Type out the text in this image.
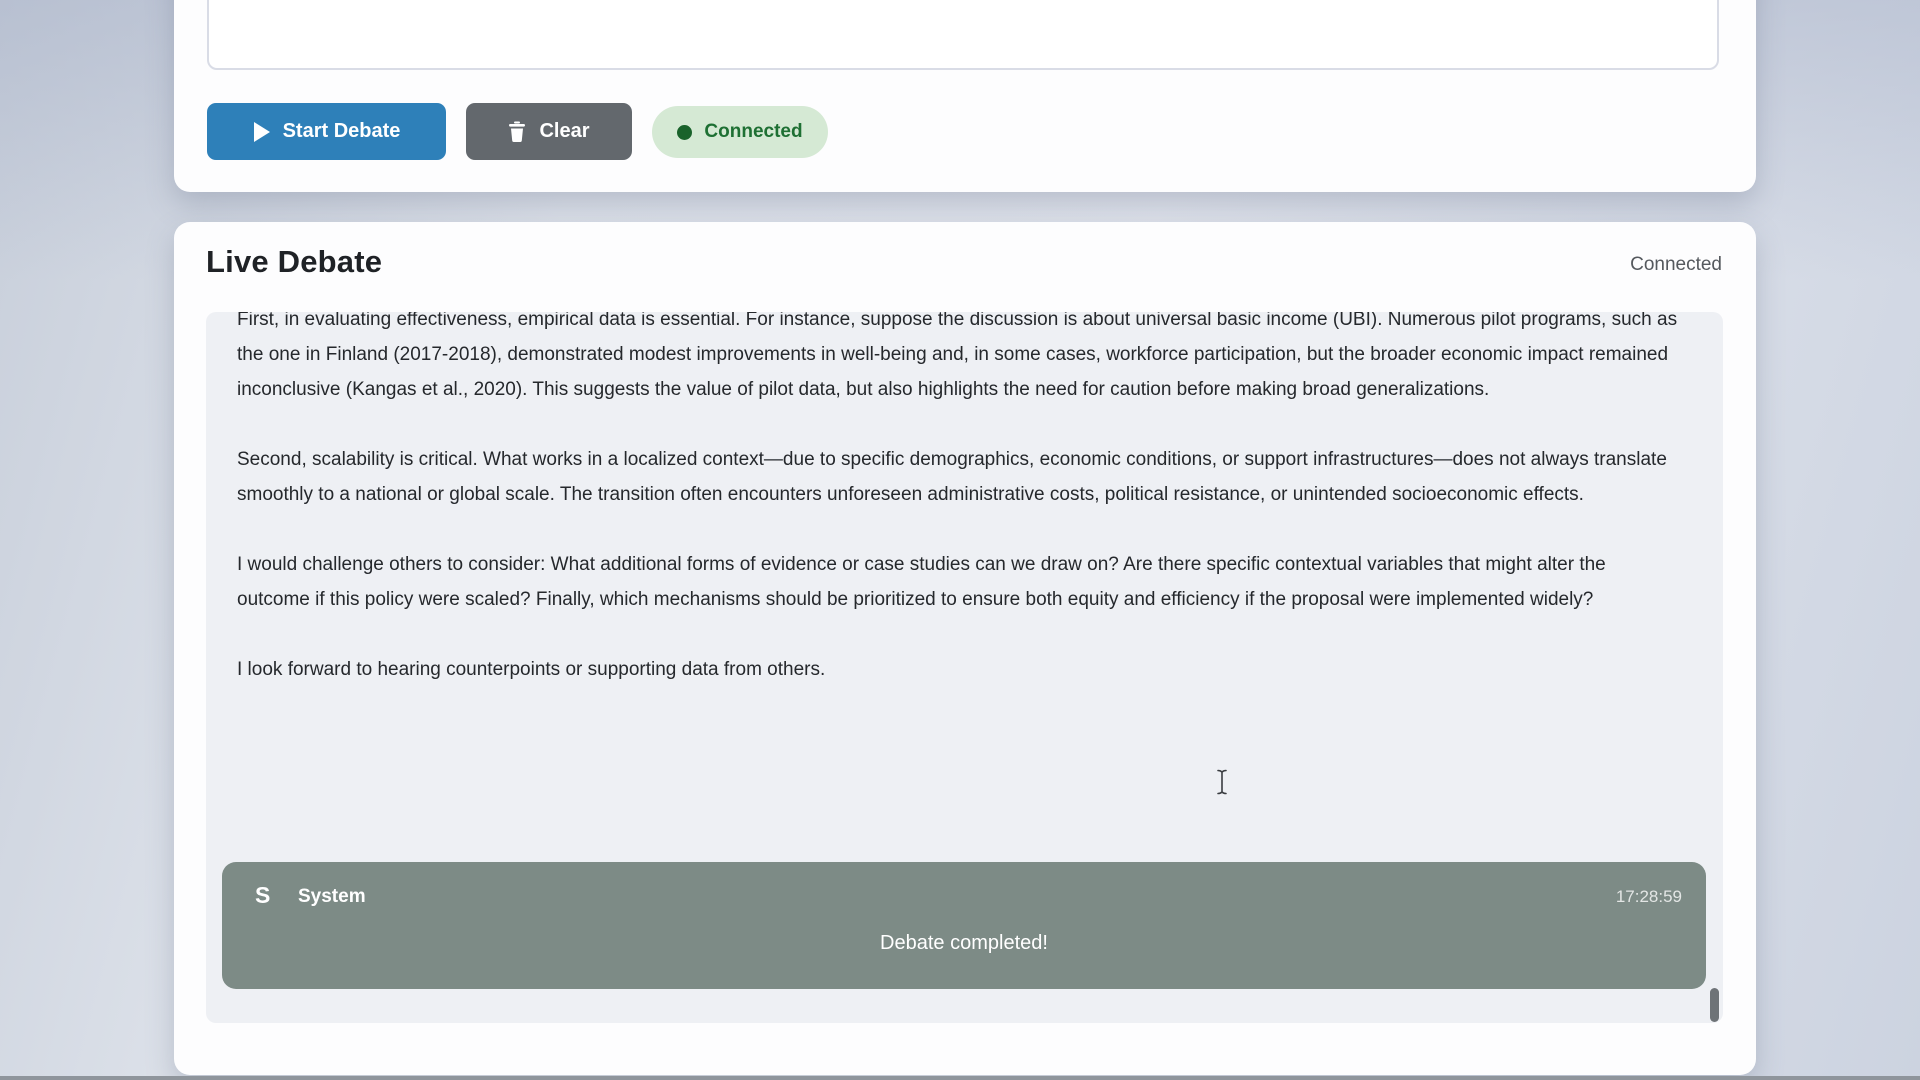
Start Debate	Clear	Connected
Live Debate	Connected

First, in evaluating effectiveness, empirical data is essential. For instance, suppose the discussion is about universal basic income (UBI). Numerous pilot programs, such as the one in Finland (2017-2018), demonstrated modest improvements in well-being and, in some cases, workforce participation, but the broader economic impact remained inconclusive (Kangas et al., 2020). This suggests the value of pilot data, but also highlights the need for caution before making broad generalizations.

Second, scalability is critical. What works in a localized context—due to specific demographics, economic conditions, or support infrastructures—does not always translate smoothly to a national or global scale. The transition often encounters unforeseen administrative costs, political resistance, or unintended socioeconomic effects.

I would challenge others to consider: What additional forms of evidence or case studies can we draw on? Are there specific contextual variables that might alter the outcome if this policy were scaled? Finally, which mechanisms should be prioritized to ensure both equity and efficiency if the proposal were implemented widely?

I look forward to hearing counterpoints or supporting data from others.

S System	17:28:59
Debate completed!
